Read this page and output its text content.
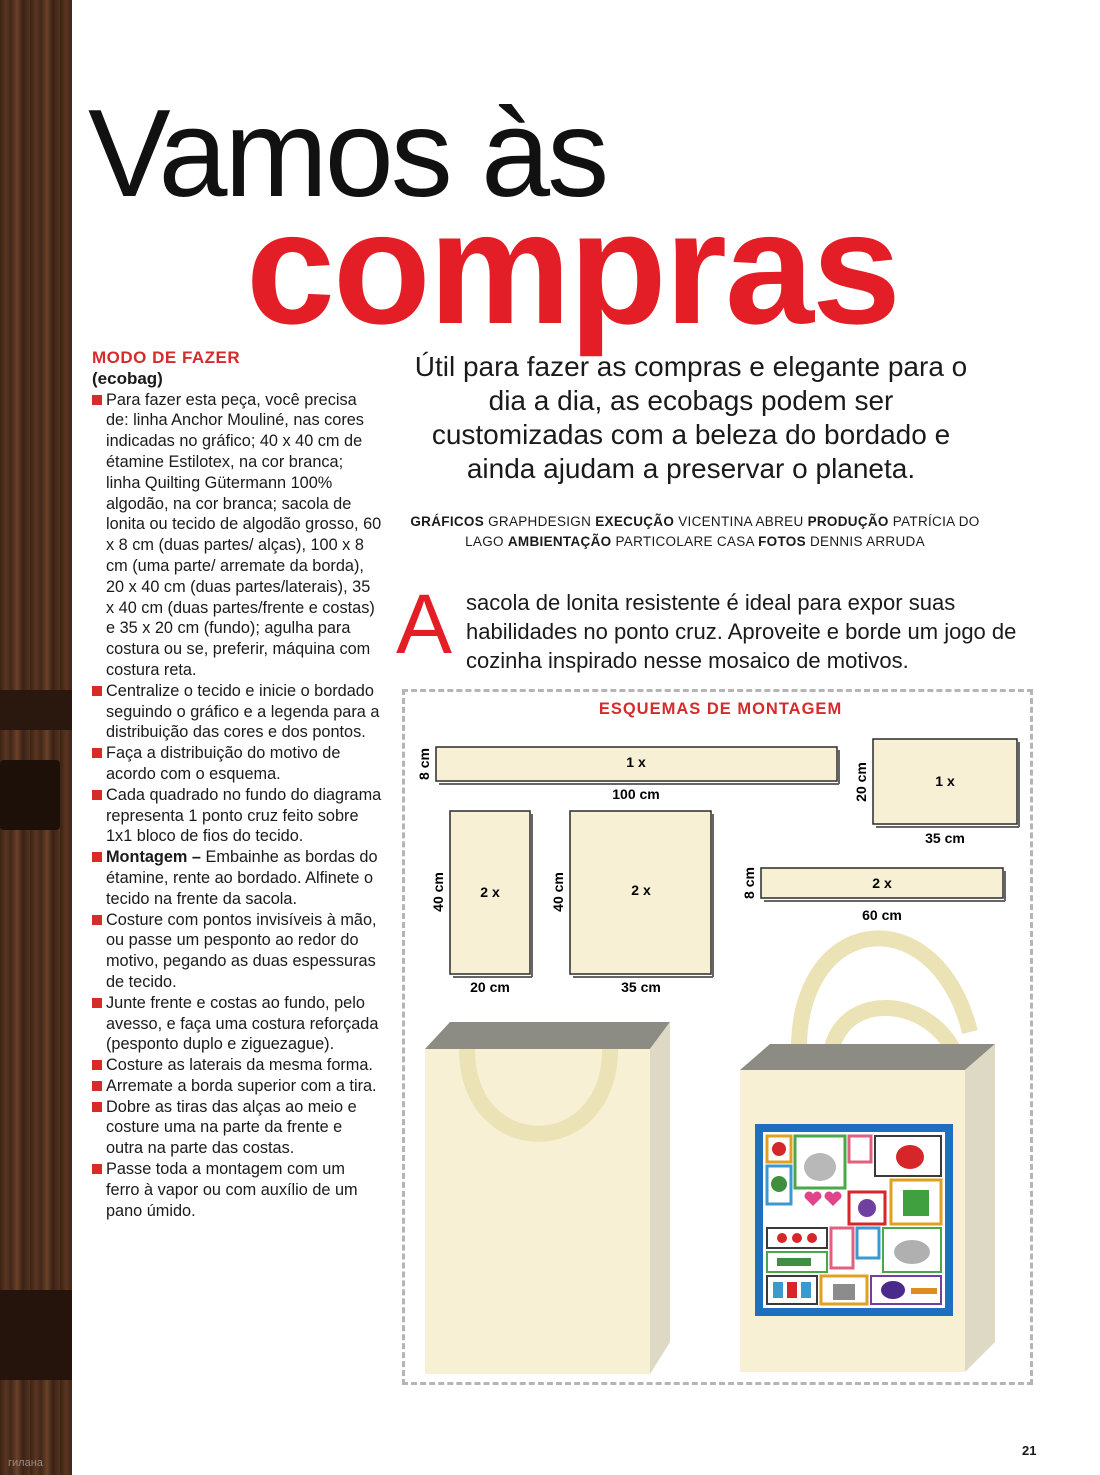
гилана
Vamos às
compras
MODO DE FAZER
(ecobag)
Para fazer esta peça, você precisa de: linha Anchor Mouliné, nas cores indicadas no gráfico; 40 x 40 cm de étamine Estilotex, na cor branca; linha Quilting Gütermann 100% algodão, na cor branca; sacola de lonita ou tecido de algodão grosso, 60 x 8 cm (duas partes/ alças), 100 x 8 cm (uma parte/ arremate da borda), 20 x 40 cm (duas partes/laterais), 35 x 40 cm (duas partes/frente e costas) e 35 x 20 cm (fundo); agulha para costura ou se, preferir, máquina com costura reta.
Centralize o tecido e inicie o bordado seguindo o gráfico e a legenda para a distribuição das cores e dos pontos.
Faça a distribuição do motivo de acordo com o esquema.
Cada quadrado no fundo do diagrama representa 1 ponto cruz feito sobre 1x1 bloco de fios do tecido.
Montagem – Embainhe as bordas do étamine, rente ao bordado. Alfinete o tecido na frente da sacola.
Costure com pontos invisíveis à mão, ou passe um pesponto ao redor do motivo, pegando as duas espessuras de tecido.
Junte frente e costas ao fundo, pelo avesso, e faça uma costura reforçada (pesponto duplo e ziguezague).
Costure as laterais da mesma forma.
Arremate a borda superior com a tira.
Dobre as tiras das alças ao meio e costure uma na parte da frente e outra na parte das costas.
Passe toda a montagem com um ferro à vapor ou com auxílio de um pano úmido.
Útil para fazer as compras e elegante para o dia a dia, as ecobags podem ser customizadas com a beleza do bordado e ainda ajudam a preservar o planeta.
GRÁFICOS GRAPHDESIGN EXECUÇÃO VICENTINA ABREU PRODUÇÃO PATRÍCIA DO LAGO AMBIENTAÇÃO PARTICOLARE CASA FOTOS DENNIS ARRUDA
A sacola de lonita resistente é ideal para expor suas habilidades no ponto cruz. Aproveite e borde um jogo de cozinha inspirado nesse mosaico de motivos.
ESQUEMAS DE MONTAGEM
1 x
100 cm
8 cm
1 x
35 cm
20 cm
2 x
20 cm
40 cm	2 x
35 cm
40 cm	2 x
60 cm
8 cm
21
